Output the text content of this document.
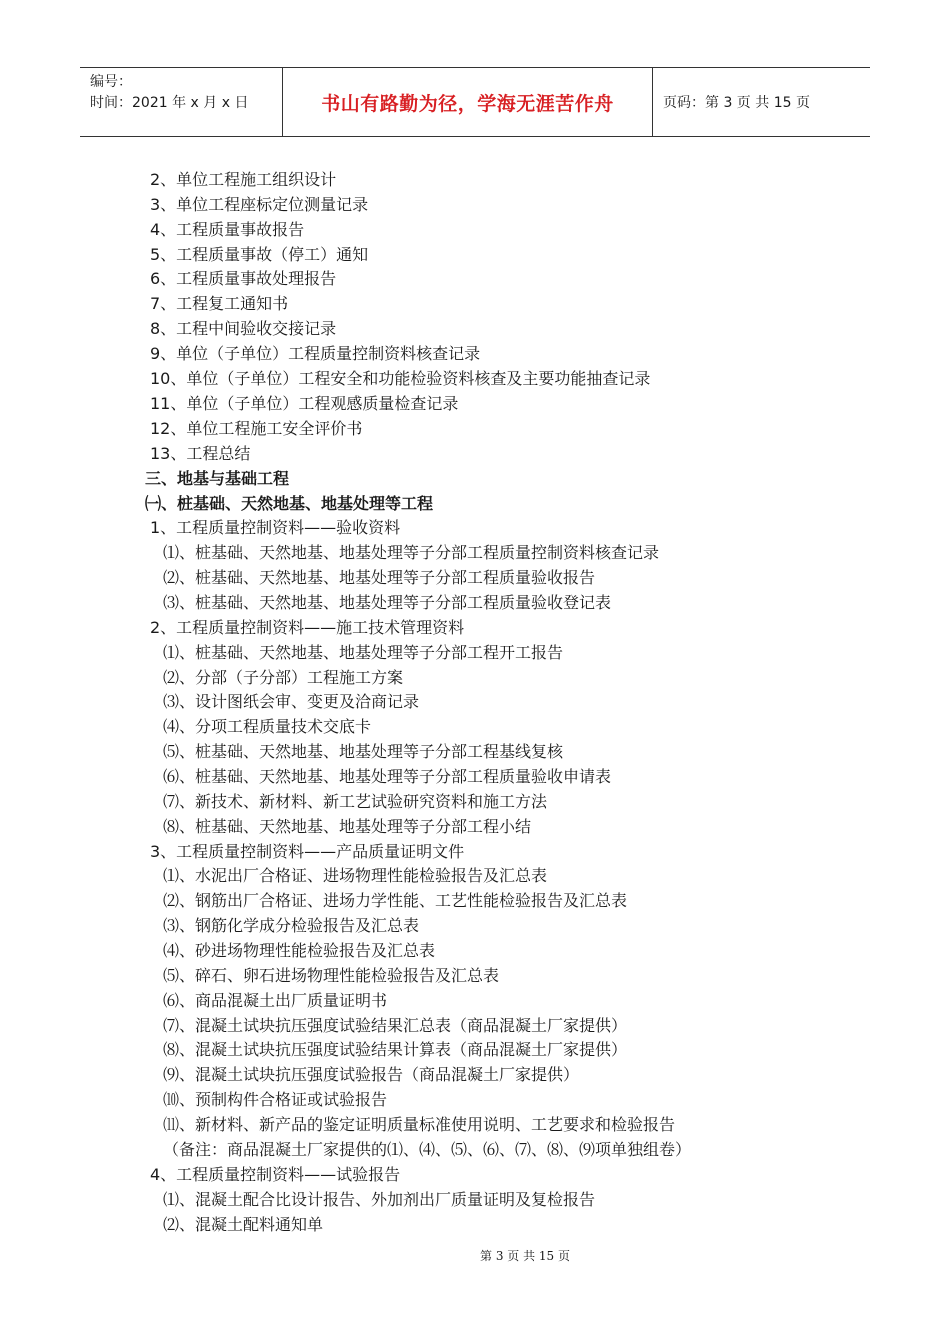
编号：
时间：2021 年 x 月 x 日	书山有路勤为径，学海无涯苦作舟	页码：第 3 页 共 15 页
2、单位工程施工组织设计
3、单位工程座标定位测量记录
4、工程质量事故报告
5、工程质量事故（停工）通知
6、工程质量事故处理报告
7、工程复工通知书
8、工程中间验收交接记录
9、单位（子单位）工程质量控制资料核查记录
10、单位（子单位）工程安全和功能检验资料核查及主要功能抽查记录
11、单位（子单位）工程观感质量检查记录
12、单位工程施工安全评价书
13、工程总结
三、地基与基础工程
㈠、桩基础、天然地基、地基处理等工程
1、工程质量控制资料——验收资料
⑴、桩基础、天然地基、地基处理等子分部工程质量控制资料核查记录
⑵、桩基础、天然地基、地基处理等子分部工程质量验收报告
⑶、桩基础、天然地基、地基处理等子分部工程质量验收登记表
2、工程质量控制资料——施工技术管理资料
⑴、桩基础、天然地基、地基处理等子分部工程开工报告
⑵、分部（子分部）工程施工方案
⑶、设计图纸会审、变更及洽商记录
⑷、分项工程质量技术交底卡
⑸、桩基础、天然地基、地基处理等子分部工程基线复核
⑹、桩基础、天然地基、地基处理等子分部工程质量验收申请表
⑺、新技术、新材料、新工艺试验研究资料和施工方法
⑻、桩基础、天然地基、地基处理等子分部工程小结
3、工程质量控制资料——产品质量证明文件
⑴、水泥出厂合格证、进场物理性能检验报告及汇总表
⑵、钢筋出厂合格证、进场力学性能、工艺性能检验报告及汇总表
⑶、钢筋化学成分检验报告及汇总表
⑷、砂进场物理性能检验报告及汇总表
⑸、碎石、卵石进场物理性能检验报告及汇总表
⑹、商品混凝土出厂质量证明书
⑺、混凝土试块抗压强度试验结果汇总表（商品混凝土厂家提供）
⑻、混凝土试块抗压强度试验结果计算表（商品混凝土厂家提供）
⑼、混凝土试块抗压强度试验报告（商品混凝土厂家提供）
⑽、预制构件合格证或试验报告
⑾、新材料、新产品的鉴定证明质量标准使用说明、工艺要求和检验报告
（备注：商品混凝土厂家提供的⑴、⑷、⑸、⑹、⑺、⑻、⑼项单独组卷）
4、工程质量控制资料——试验报告
⑴、混凝土配合比设计报告、外加剂出厂质量证明及复检报告
⑵、混凝土配料通知单
第 3 页 共 15 页
